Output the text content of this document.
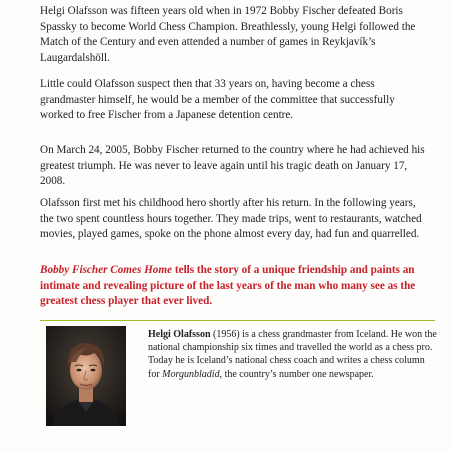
Helgi Olafsson was fifteen years old when in 1972 Bobby Fischer defeated Boris Spassky to become World Chess Champion. Breathlessly, young Helgi followed the Match of the Century and even attended a number of games in Reykjavík’s Laugardalshöll.

Little could Olafsson suspect then that 33 years on, having become a chess grandmaster himself, he would be a member of the committee that successfully worked to free Fischer from a Japanese detention centre.

On March 24, 2005, Bobby Fischer returned to the country where he had achieved his greatest triumph. He was never to leave again until his tragic death on January 17, 2008.

Olafsson first met his childhood hero shortly after his return. In the following years, the two spent countless hours together. They made trips, went to restaurants, watched movies, played games, spoke on the phone almost every day, had fun and quarrelled.

Bobby Fischer Comes Home tells the story of a unique friendship and paints an intimate and revealing picture of the last years of the man who many see as the greatest chess player that ever lived.

Helgi Olafsson (1956) is a chess grandmaster from Iceland. He won the national championship six times and travelled the world as a chess pro. Today he is Iceland’s national chess coach and writes a chess column for Morgunbladid, the country’s number one newspaper.
